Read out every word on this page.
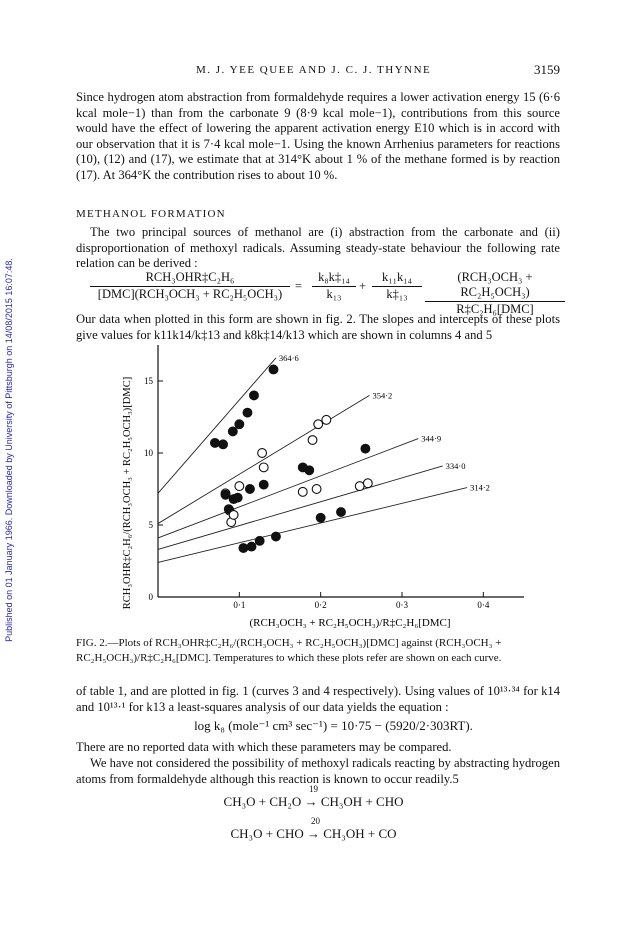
Published on 01 January 1966. Downloaded by University of Pittsburgh on 14/08/2015 16:07:48.
M. J. YEE QUEE AND J. C. J. THYNNE	3159

Since hydrogen atom abstraction from formaldehyde requires a lower activation energy 15 (6·6 kcal mole−1) than from the carbonate 9 (8·9 kcal mole−1), contributions from this source would have the effect of lowering the apparent activation energy E10 which is in accord with our observation that it is 7·4 kcal mole−1. Using the known Arrhenius parameters for reactions (10), (12) and (17), we estimate that at 314°K about 1 % of the methane formed is by reaction (17). At 364°K the contribution rises to about 10 %.

METHANOL FORMATION

The two principal sources of methanol are (i) abstraction from the carbonate and (ii) disproportionation of methoxyl radicals. Assuming steady-state behaviour the following rate relation can be derived :

RCH₃OHR‡C₂H₆
[DMC](RCH₃OCH₃ + RC₂H₅OCH₃)
= $\frac{\text{k₈k‡₁₄}}{\text{k₁₃}} + \frac{\text{k₁₁k₁₄}}{\text{k‡₁₃}}$	(RCH₃OCH₃ + RC₂H₅OCH₃)
R‡C₂H₆[DMC]

Our data when plotted in this form are shown in fig. 2. The slopes and intercepts of these plots give values for k11k14/k‡13 and k8k‡14/k13 which are shown in columns 4 and 5

0·1	0·2	0·3	0·4
0
5
10
15
364·6
354·2
344·9
334·0
314·2
(RCH₃OCH₃ + RC₂H₅OCH₃)/R‡C₂H₆[DMC]
RCH₃OHR‡C₂H₆/(RCH₃OCH₃ + RC₂H₅OCH₃)[DMC]

FIG. 2.—Plots of RCH₃OHR‡C₂H₆/(RCH₃OCH₃ + RC₂H₅OCH₃)[DMC] against (RCH₃OCH₃ + RC₂H₅OCH₃)/R‡C₂H₆[DMC]. Temperatures to which these plots refer are shown on each curve.

of table 1, and are plotted in fig. 1 (curves 3 and 4 respectively). Using values of 10¹³·³⁴ for k14 and 10¹³·¹ for k13 a least-squares analysis of our data yields the equation :

log k₈ (mole⁻¹ cm³ sec⁻¹) = 10·75 − (5920/2·303RT).

There are no reported data with which these parameters may be compared.

We have not considered the possibility of methoxyl radicals reacting by abstracting hydrogen atoms from formaldehyde although this reaction is known to occur readily.5

19
CH₃O + CH₂O → CH₃OH + CHO
20
CH₃O + CHO → CH₃OH + CO
